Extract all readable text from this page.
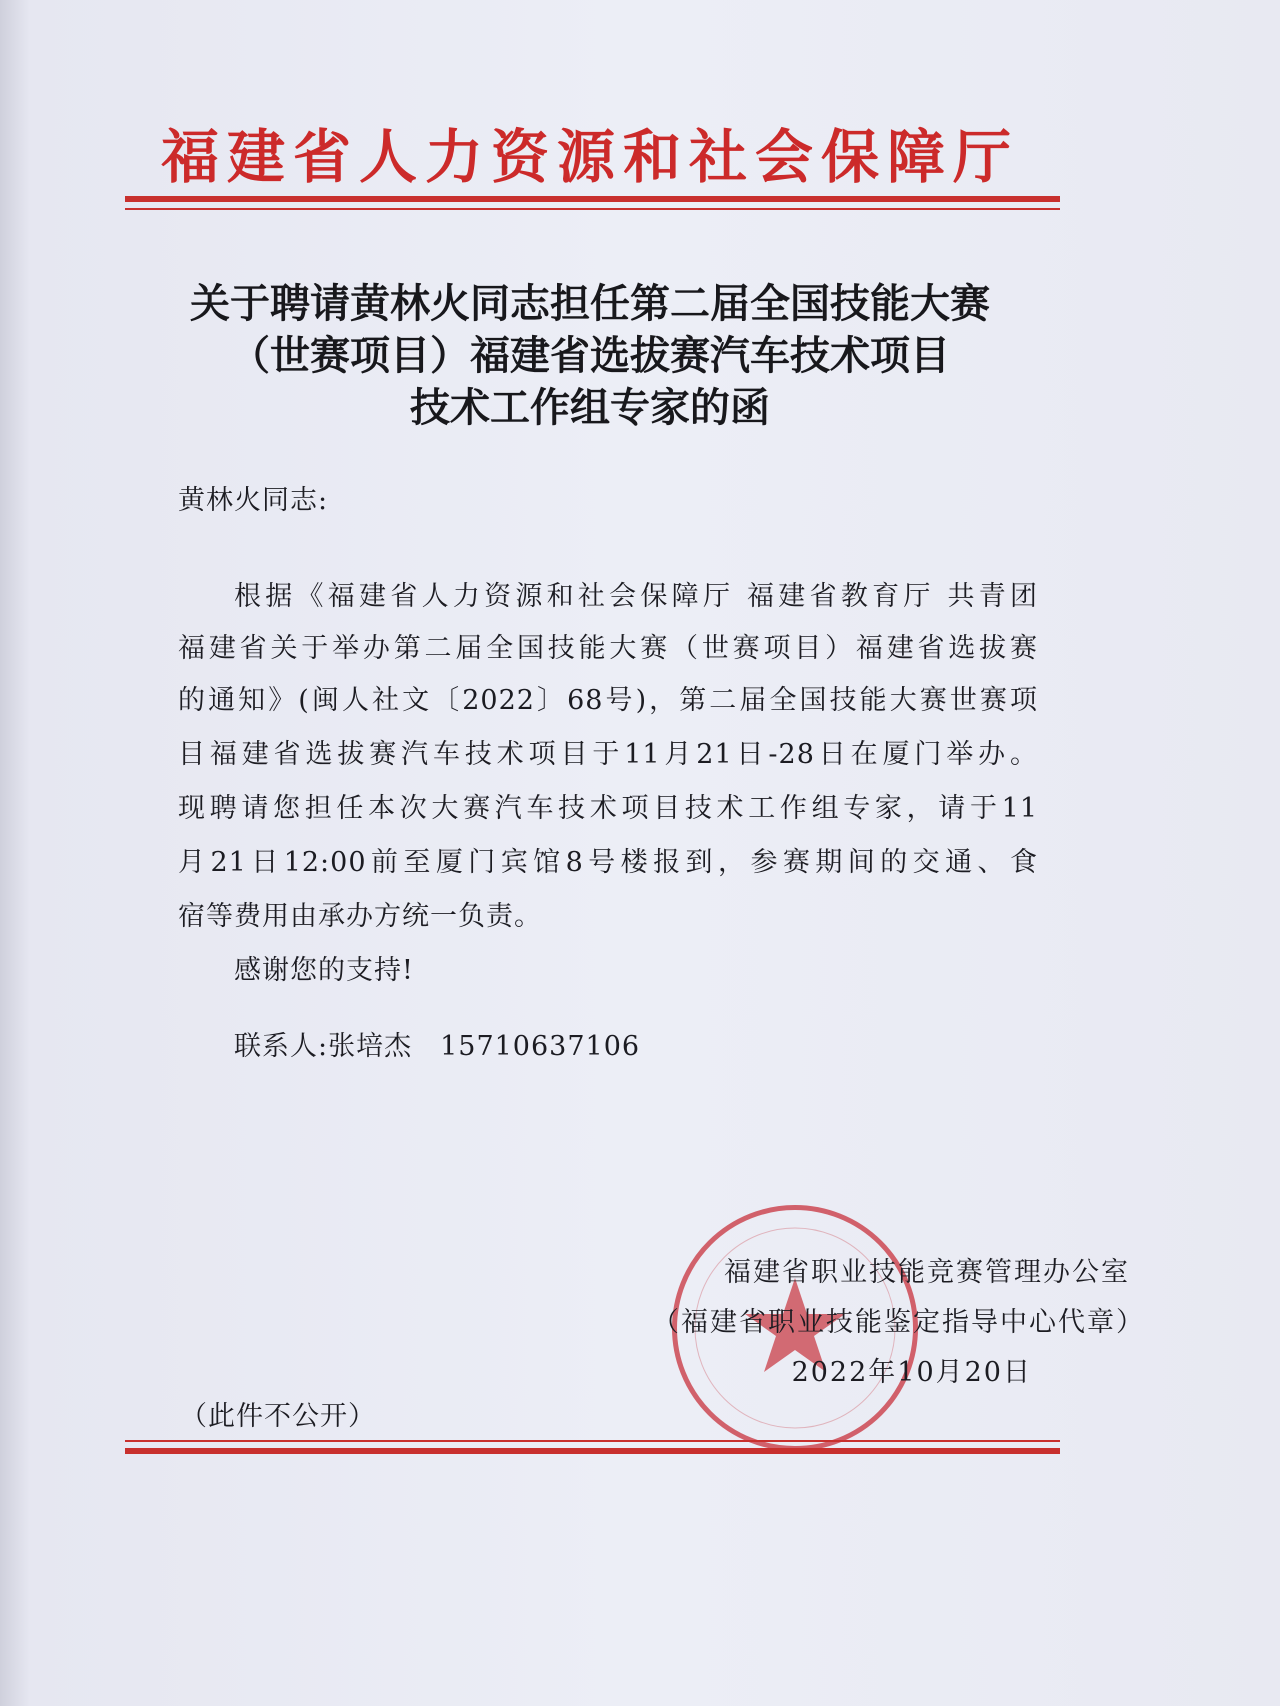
福建省人力资源和社会保障厅
关于聘请黄林火同志担任第二届全国技能大赛
（世赛项目）福建省选拔赛汽车技术项目
技术工作组专家的函
黄林火同志:
根据《福建省人力资源和社会保障厅 福建省教育厅 共青团
福建省关于举办第二届全国技能大赛（世赛项目）福建省选拔赛
的通知》(闽人社文〔2022〕68号)，第二届全国技能大赛世赛项
目福建省选拔赛汽车技术项目于11月21日-28日在厦门举办。
现聘请您担任本次大赛汽车技术项目技术工作组专家，请于11
月21日12:00前至厦门宾馆8号楼报到，参赛期间的交通、食
宿等费用由承办方统一负责。
感谢您的支持!
联系人:张培杰　15710637106
福建省职业技能竞赛管理办公室
（福建省职业技能鉴定指导中心代章）
2022年10月20日
（此件不公开）
